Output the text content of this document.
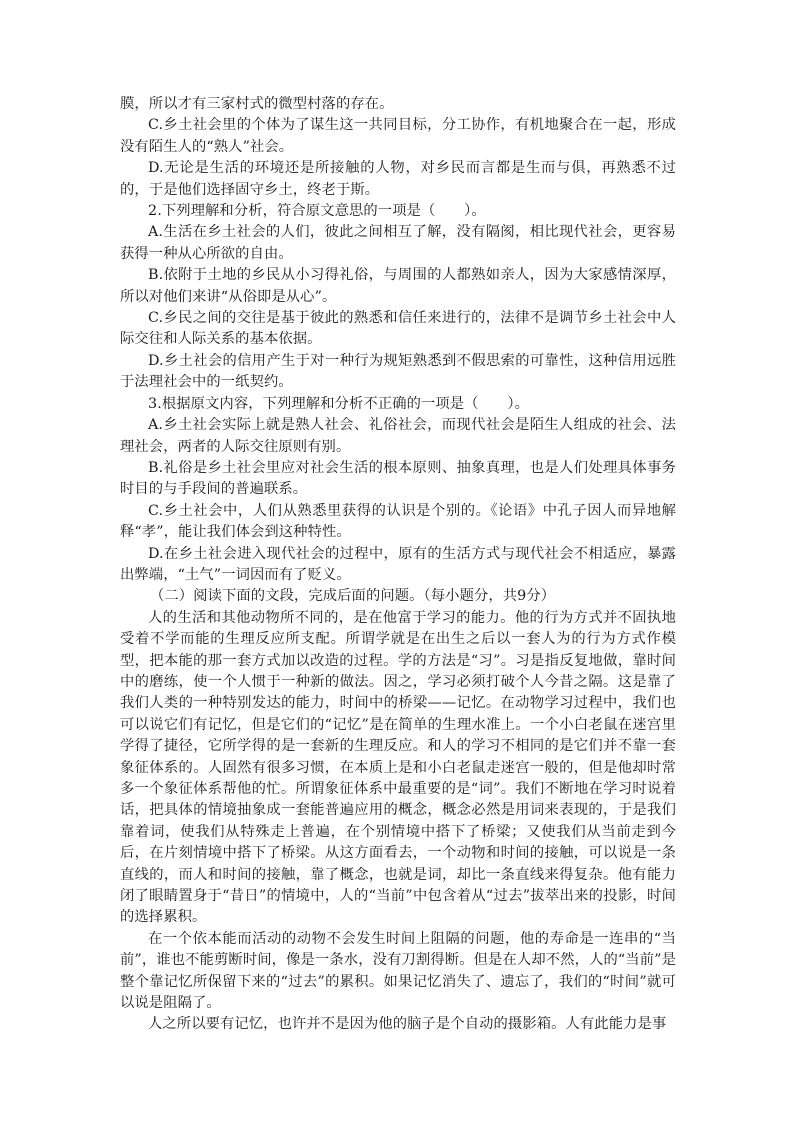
膜，所以才有三家村式的微型村落的存在。

C.乡土社会里的个体为了谋生这一共同目标，分工协作，有机地聚合在一起，形成没有陌生人的“熟人”社会。

D.无论是生活的环境还是所接触的人物，对乡民而言都是生而与俱，再熟悉不过的，于是他们选择固守乡土，终老于斯。

2.下列理解和分析，符合原文意思的一项是（　　）。

A.生活在乡土社会的人们，彼此之间相互了解，没有隔阂，相比现代社会，更容易获得一种从心所欲的自由。

B.依附于土地的乡民从小习得礼俗，与周围的人都熟如亲人，因为大家感情深厚，所以对他们来讲“从俗即是从心”。

C.乡民之间的交往是基于彼此的熟悉和信任来进行的，法律不是调节乡土社会中人际交往和人际关系的基本依据。

D.乡土社会的信用产生于对一种行为规矩熟悉到不假思索的可靠性，这种信用远胜于法理社会中的一纸契约。

3.根据原文内容，下列理解和分析不正确的一项是（　　）。

A.乡土社会实际上就是熟人社会、礼俗社会，而现代社会是陌生人组成的社会、法理社会，两者的人际交往原则有别。

B.礼俗是乡土社会里应对社会生活的根本原则、抽象真理，也是人们处理具体事务时目的与手段间的普遍联系。

C.乡土社会中，人们从熟悉里获得的认识是个别的。《论语》中孔子因人而异地解释“孝”，能让我们体会到这种特性。

D.在乡土社会进入现代社会的过程中，原有的生活方式与现代社会不相适应，暴露出弊端，“土气”一词因而有了贬义。

（二）阅读下面的文段，完成后面的问题。（每小题分，共9分）

人的生活和其他动物所不同的，是在他富于学习的能力。他的行为方式并不固执地受着不学而能的生理反应所支配。所谓学就是在出生之后以一套人为的行为方式作模型，把本能的那一套方式加以改造的过程。学的方法是“习”。习是指反复地做，靠时间中的磨练，使一个人惯于一种新的做法。因之，学习必须打破个人今昔之隔。这是靠了我们人类的一种特别发达的能力，时间中的桥梁——记忆。在动物学习过程中，我们也可以说它们有记忆，但是它们的“记忆”是在简单的生理水准上。一个小白老鼠在迷宫里学得了捷径，它所学得的是一套新的生理反应。和人的学习不相同的是它们并不靠一套象征体系的。人固然有很多习惯，在本质上是和小白老鼠走迷宫一般的，但是他却时常多一个象征体系帮他的忙。所谓象征体系中最重要的是“词”。我们不断地在学习时说着话，把具体的情境抽象成一套能普遍应用的概念，概念必然是用词来表现的，于是我们靠着词，使我们从特殊走上普遍，在个别情境中搭下了桥梁；又使我们从当前走到今后，在片刻情境中搭下了桥梁。从这方面看去，一个动物和时间的接触，可以说是一条直线的，而人和时间的接触，靠了概念，也就是词，却比一条直线来得复杂。他有能力闭了眼睛置身于“昔日”的情境中，人的“当前”中包含着从“过去”拔萃出来的投影，时间的选择累积。

在一个依本能而活动的动物不会发生时间上阻隔的问题，他的寿命是一连串的“当前”，谁也不能剪断时间，像是一条水，没有刀割得断。但是在人却不然，人的“当前”是整个靠记忆所保留下来的“过去”的累积。如果记忆消失了、遗忘了，我们的“时间”就可以说是阻隔了。

人之所以要有记忆，也许并不是因为他的脑子是个自动的摄影箱。人有此能力是事
